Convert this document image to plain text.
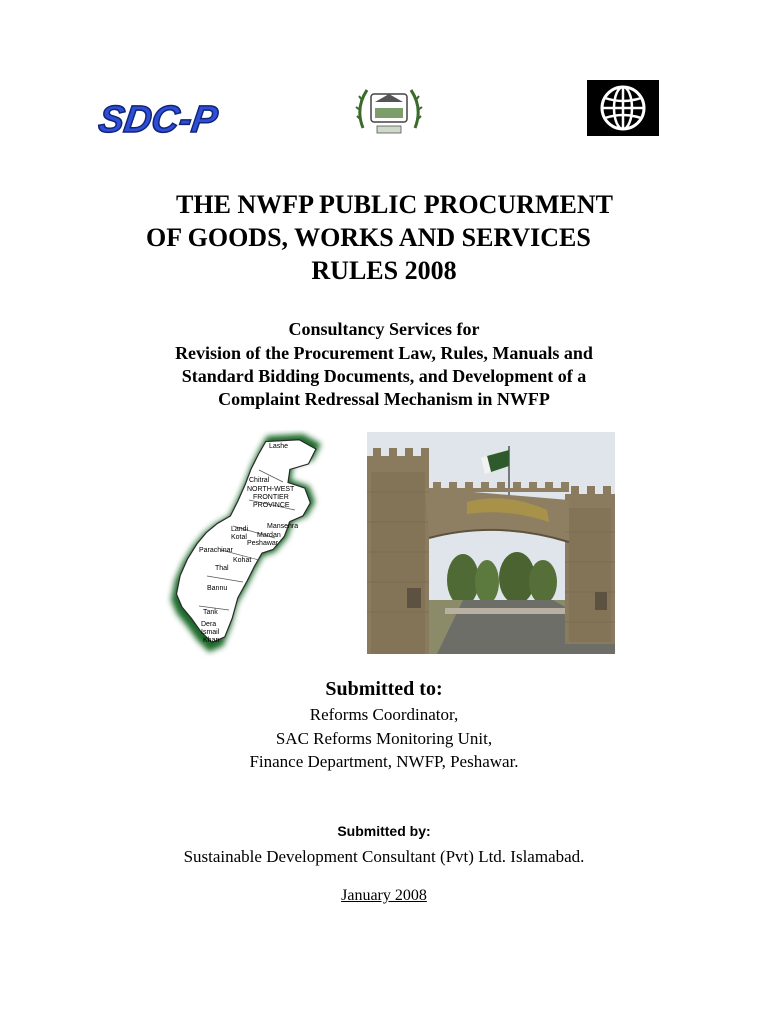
SDC-P
THE NWFP PUBLIC PROCURMENT
OF GOODS, WORKS AND SERVICES
RULES 2008
Consultancy Services for
Revision of the Procurement Law, Rules, Manuals and
Standard Bidding Documents, and Development of a
Complaint Redressal Mechanism in NWFP
Lashe
Chitral
NORTH-WEST
FRONTIER
PROVINCE
Mansehra
Mardan
Landi
Kotal
Peshawar
Parachinar
Kohat
Thal
Bannu
Tank
Dera
Ismail
Khan
Submitted to:
Reforms Coordinator,
SAC Reforms Monitoring Unit,
Finance Department, NWFP, Peshawar.
Submitted by:
Sustainable Development Consultant (Pvt) Ltd. Islamabad.
January 2008
